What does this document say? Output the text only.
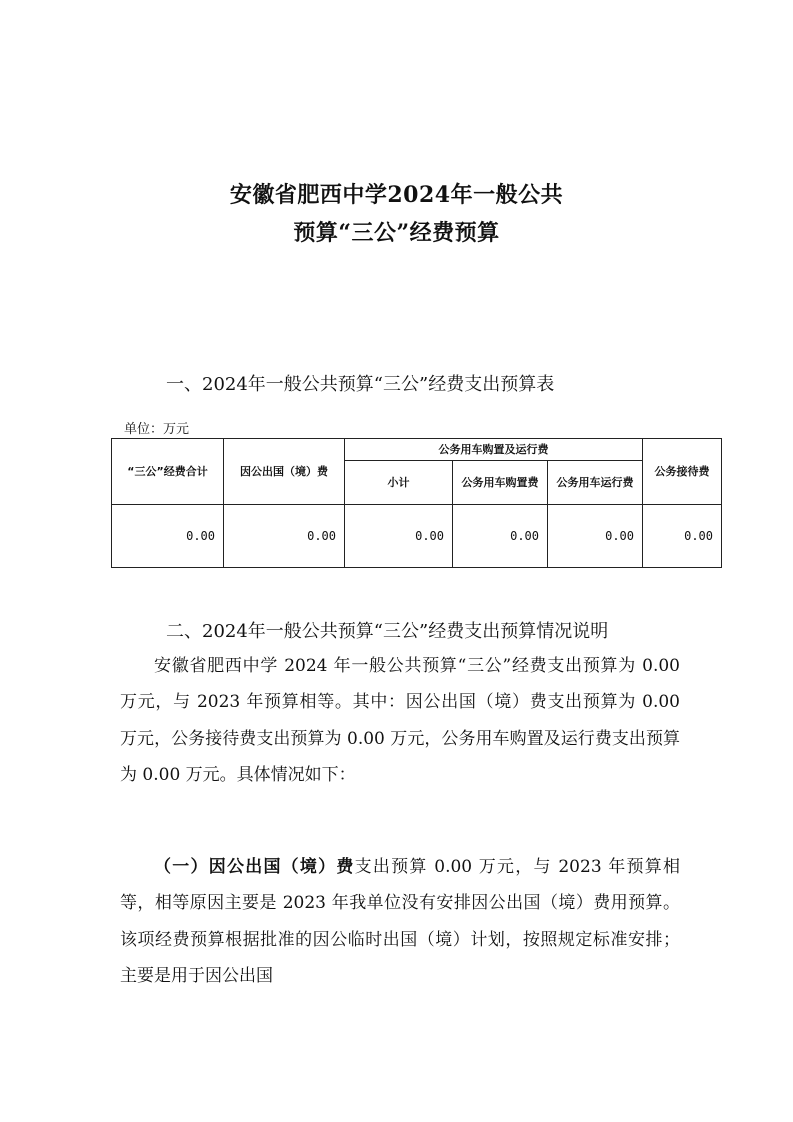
安徽省肥西中学2024年一般公共
预算“三公”经费预算
一、2024年一般公共预算“三公”经费支出预算表
单位：万元
“三公”经费合计	因公出国（境）费	公务用车购置及运行费			公务接待费
		小计	公务用车购置费	公务用车运行费	
0.00	0.00	0.00	0.00	0.00	0.00
二、2024年一般公共预算“三公”经费支出预算情况说明
安徽省肥西中学 2024 年一般公共预算“三公”经费支出预算为 0.00 万元，与 2023 年预算相等。其中：因公出国（境）费支出预算为 0.00 万元，公务接待费支出预算为 0.00 万元，公务用车购置及运行费支出预算为 0.00 万元。具体情况如下：
（一）因公出国（境）费支出预算 0.00 万元，与 2023 年预算相等，相等原因主要是 2023 年我单位没有安排因公出国（境）费用预算。该项经费预算根据批准的因公临时出国（境）计划，按照规定标准安排；主要是用于因公出国
